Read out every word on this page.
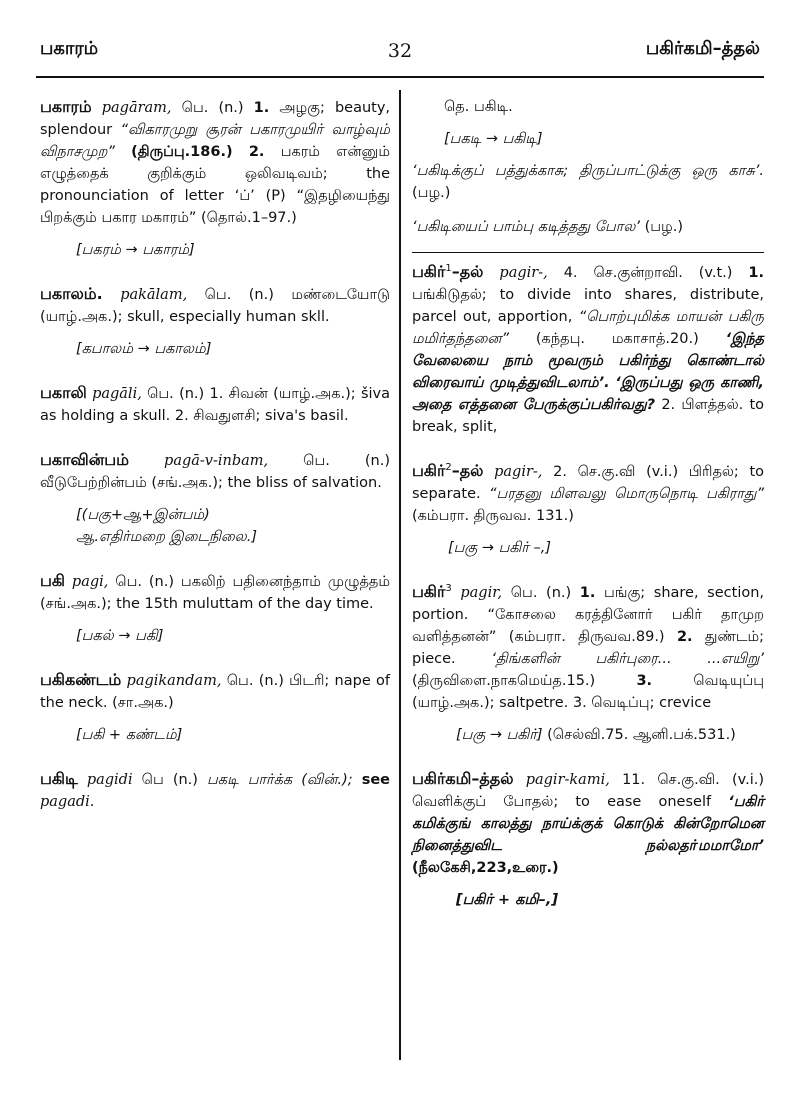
பகாரம்	32	பகிர்கமி–த்தல்
பகாரம் pagāram, பெ. (n.) 1. அழகு; beauty, splendour “விகாரமுறு சூரன் பகாரமுயிர் வாழ்வும் விநாசமுற” (திருப்பு.186.) 2. பகரம் என்னும் எழுத்தைக் குறிக்கும் ஒலிவடிவம்; the pronounciation of letter ‘ப்’ (P) “இதழியைந்து பிறக்கும் பகார மகாரம்” (தொல்.1–97.)
[பகரம் → பகாரம்]
பகாலம். pakālam, பெ. (n.) மண்டையோடு (யாழ்.அக.); skull, especially human skll.
[கபாலம் → பகாலம்]
பகாலி pagāli, பெ. (n.) 1. சிவன் (யாழ்.அக.); šiva as holding a skull. 2. சிவதுளசி; siva's basil.
பகாவின்பம் pagā-v-inbam, பெ. (n.) வீடுபேற்றின்பம் (சங்.அக.); the bliss of salvation.
[(பகு+ஆ+இன்பம்)
ஆ.எதிர்மறை இடைநிலை.]
பகி pagi, பெ. (n.) பகலிற் பதினைந்தாம் முழுத்தம் (சங்.அக.); the 15th muluttam of the day time.
[பகல் → பகி]
பகிகண்டம் pagikandam, பெ. (n.) பிடரி; nape of the neck. (சா.அக.)
[பகி + கண்டம்]
பகிடி pagidi பெ (n.) பகடி பார்க்க (வின்.); see pagadi.
தெ. பகிடி.
[பகடி → பகிடி]
‘பகிடிக்குப் பத்துக்காசு; திருப்பாட்டுக்கு ஒரு காசு’. (பழ.)
‘பகிடியைப் பாம்பு கடித்தது போல’ (பழ.)
பகிர்$^1$–தல் pagir-, 4. செ.குன்றாவி. (v.t.) 1. பங்கிடுதல்; to divide into shares, distribute, parcel out, apportion, “பொற்புமிக்க மாயன் பகிரு மமிர்தந்தனை” (கந்தபு. மகாசாத்.20.) ‘இந்த வேலையை நாம் மூவரும் பகிர்ந்து கொண்டால் விரைவாய் முடித்துவிடலாம்’. ‘இருப்பது ஒரு காணி, அதை எத்தனை பேருக்குப்பகிர்வது? 2. பிளத்தல். to break, split,
பகிர்$^2$–தல் pagir-, 2. செ.கு.வி (v.i.) பிரிதல்; to separate. “பரதனு மிளவலு மொருநொடி பகிராது” (கம்பரா. திருவவ. 131.)
[பகு → பகிர் –,]
பகிர்$^3$ pagir, பெ. (n.) 1. பங்கு; share, section, portion. “கோசலை கரத்தினோர் பகிர் தாமுற வளித்தனன்” (கம்பரா. திருவவ.89.) 2. துண்டம்; piece. ‘திங்களின் பகிர்புரை... ...எயிறு’ (திருவிளை.நாகமெய்த.15.)	3.	வெடியுப்பு (யாழ்.அக.); saltpetre. 3. வெடிப்பு; crevice
[பகு → பகிர்] (செல்வி.75. ஆனி.பக்.531.)
பகிர்கமி–த்தல் pagir-kami, 11. செ.கு.வி. (v.i.) வெளிக்குப் போதல்; to ease oneself ‘பகிர் கமிக்குங் காலத்து நாய்க்குக் கொடுக் கின்றோமென நினைத்துவிட நல்லதா்மமாமோ’ (நீலகேசி,223,உரை.)
[பகிர் + கமி–,]
